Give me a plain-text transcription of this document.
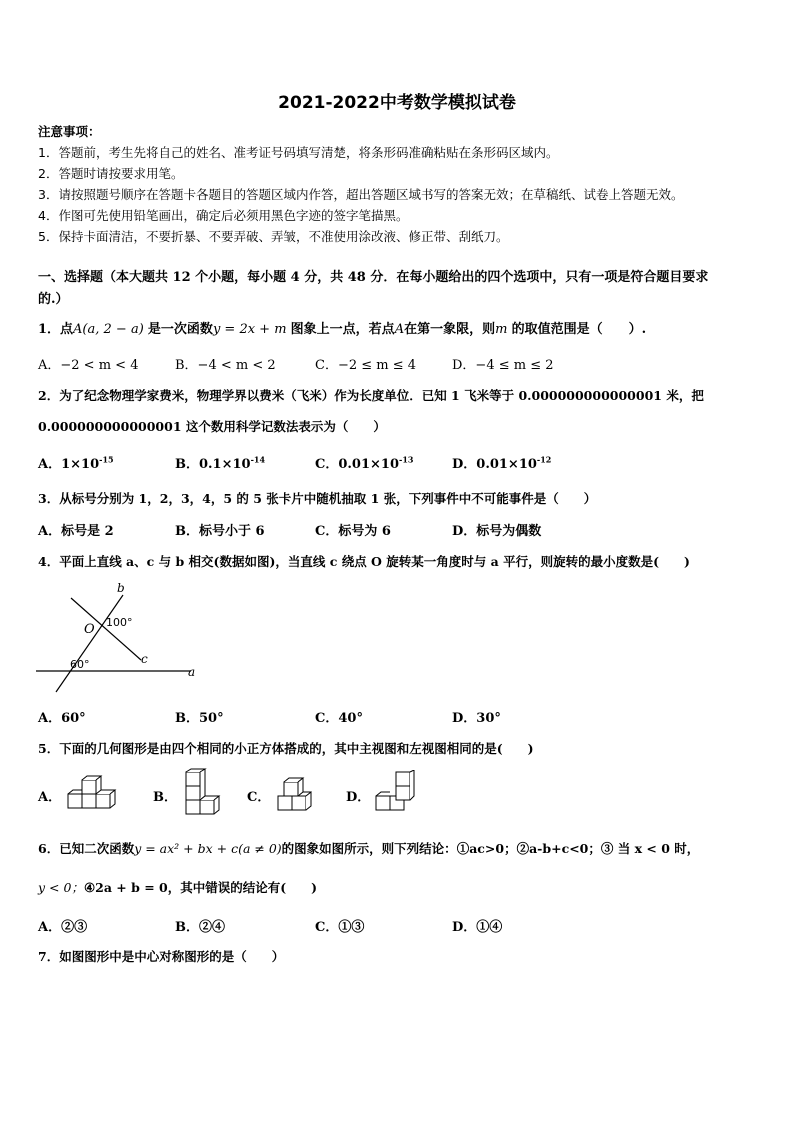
2021-2022中考数学模拟试卷
注意事项：
1．答题前，考生先将自己的姓名、准考证号码填写清楚，将条形码准确粘贴在条形码区域内。
2．答题时请按要求用笔。
3．请按照题号顺序在答题卡各题目的答题区域内作答，超出答题区域书写的答案无效；在草稿纸、试卷上答题无效。
4．作图可先使用铅笔画出，确定后必须用黑色字迹的签字笔描黑。
5．保持卡面清洁，不要折暴、不要弄破、弄皱，不准使用涂改液、修正带、刮纸刀。
一、选择题（本大题共 12 个小题，每小题 4 分，共 48 分．在每小题给出的四个选项中，只有一项是符合题目要求
的.）
1．点A(a, 2 − a) 是一次函数y = 2x + m 图象上一点，若点A在第一象限，则m 的取值范围是（　　）.
A．−2 < m < 4	B．−4 < m < 2	C．−2 ≤ m ≤ 4	D．−4 ≤ m ≤ 2
2．为了纪念物理学家费米，物理学界以费米（飞米）作为长度单位．已知 1 飞米等于 0.000000000000001 米，把
0.000000000000001 这个数用科学记数法表示为（　　）
A．$1\times 10^{-15}$	B．$0.1\times 10^{-14}$	C．$0.01\times 10^{-13}$	D．$0.01\times 10^{-12}$
3．从标号分别为 1，2，3，4，5 的 5 张卡片中随机抽取 1 张，下列事件中不可能事件是（　　）
A．标号是 2	B．标号小于 6	C．标号为 6	D．标号为偶数
4．平面上直线 a、c 与 b 相交(数据如图)，当直线 c 绕点 O 旋转某一角度时与 a 平行，则旋转的最小度数是(　　)
b
O 100°
c
60°
a
A．60°	B．50°	C．40°	D．30°
5．下面的几何图形是由四个相同的小正方体搭成的，其中主视图和左视图相同的是(　　)
A．	B．	C．	D．
6．已知二次函数y = ax² + bx + c(a ≠ 0)的图象如图所示，则下列结论：①ac>0；②a-b+c<0；③ 当 x < 0 时，
y < 0；④2a + b = 0，其中错误的结论有(　　)
A．②③	B．②④	C．①③	D．①④
7．如图图形中是中心对称图形的是（　　）
